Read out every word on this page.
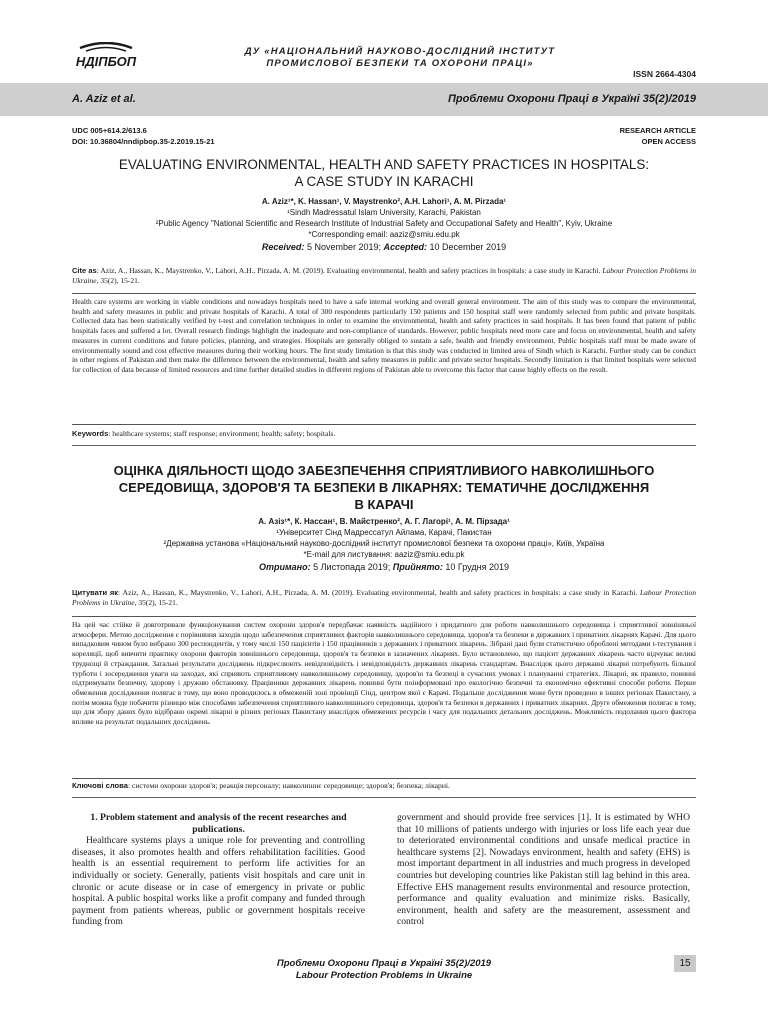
НДІПБОП
ДУ «НАЦІОНАЛЬНИЙ НАУКОВО-ДОСЛІДНИЙ ІНСТИТУТ
ПРОМИСЛОВОЇ БЕЗПЕКИ ТА ОХОРОНИ ПРАЦІ»
ISSN 2664-4304
A. Aziz et al.	Проблеми Охорони Праці в Україні 35(2)/2019
UDC 005+614.2/613.6
DOI: 10.36804/nndipbop.35-2.2019.15-21
RESEARCH ARTICLE
OPEN ACCESS
EVALUATING ENVIRONMENTAL, HEALTH AND SAFETY PRACTICES IN HOSPITALS:
A CASE STUDY IN KARACHI
A. Aziz¹*, K. Hassan¹, V. Maystrenko², A.H. Lahori¹, A. M. Pirzada¹
¹Sindh Madressatul Islam University, Karachi, Pakistan
²Public Agency "National Scientific and Research Institute of Industrial Safety and Occupational Safety and Health", Kyiv, Ukraine
*Corresponding email: aaziz@smiu.edu.pk
Received: 5 November 2019; Accepted: 10 December 2019
Cite as: Aziz, A., Hassan, K., Maystrenko, V., Lahori, A.H., Pirzada, A. M. (2019). Evaluating environmental, health and safety practices in hospitals: a case study in Karachi. Labour Protection Problems in Ukraine, 35(2), 15-21.
Health care systems are working in viable conditions and nowadays hospitals need to have a safe internal working and overall general environment. The aim of this study was to compare the environmental, health and safety measures in public and private hospitals of Karachi. A total of 300 respondents particularly 150 patients and 150 hospital staff were randomly selected from public and private hospitals. Collected data has been statistically verified by t-test and correlation techniques in order to examine the environmental, health and safety practices in said hospitals. It has been found that patient of public hospitals faces and suffered a lot. Overall research findings highlight the inadequate and non-compliance of standards. However, public hospitals need more care and focus on environmental, health and safety measures in current conditions and future policies, planning, and strategies. Hospitals are generally obliged to sustain a safe, health and friendly environment. Public hospitals staff must be made aware of environmentally sound and cost effective measures during their working hours. The first study limitation is that this study was conducted in limited area of Sindh which is Karachi. Further study can be conduct in other regions of Pakistan and then make the difference between the environmental, health and safety measures in public and private sector hospitals. Secondly limitation is that limited hospitals were selected for collection of data because of limited resources and time further detailed studies in different regions of Pakistan able to overcome this factor that cause highly effects on the result.
Keywords: healthcare systems; staff response; environment; health; safety; hospitals.
ОЦІНКА ДІЯЛЬНОСТІ ЩОДО ЗАБЕЗПЕЧЕННЯ СПРИЯТЛИВИОГО НАВКОЛИШНЬОГО
СЕРЕДОВИЩА, ЗДОРОВ'Я ТА БЕЗПЕКИ В ЛІКАРНЯХ: ТЕМАТИЧНЕ ДОСЛІДЖЕННЯ
В КАРАЧІ
А. Азіз¹*, К. Нассан¹, В. Майстренко², А. Г. Лагорі¹, А. М. Пірзада¹
¹Університет Сінд Мадрессатул Айлама, Карачі, Пакистан
²Державна установа «Національний науково-дослідний інститут промислової безпеки та охорони праці», Київ, Україна
*E-mail для листування: aaziz@smiu.edu.pk
Отримано: 5 Листопада 2019; Прийнято: 10 Грудня 2019
Цитувати як: Aziz, A., Hassan, K., Maystrenko, V., Lahori, A.H., Pirzada, A. M. (2019). Evaluating environmental, health and safety practices in hospitals: a case study in Karachi. Labour Protection Problems in Ukraine, 35(2), 15-21.
На цей час стійке й довготривале функціонування систем охорони здоров'я передбачає наявність надійного і придатного для роботи навколишнього середовища і сприятливої зовнішньої атмосфери. Метою дослідження є порівняння заходів щодо забезпечення сприятливих факторів навколишнього середовища, здоров'я та безпеки в державних і приватних лікарнях Карачі. Для цього випадковим чином було вибрано 300 респондентів, у тому числі 150 пацієнтів і 150 працівників з державних і приватних лікарень. Зібрані дані були статистично оброблені методами t-тестування і кореляції, щоб вивчити практику охорони факторів зовнішнього середовища, здоров'я та безпеки в зазначених лікарнях. Було встановлено, що пацієнт державних лікарень часто відчуває великі труднощі й страждання. Загальні результати досліджень підкреслюють невідповідність і невідповідність державних лікарень стандартам. Внаслідок цього державні лікарні потребують більшої турботи і зосередження уваги на заходах, які сприяють сприятливому навколишньому середовищу, здоров'ю та безпеці в сучасних умовах і плануванні стратегіях. Лікарні, як правило, повинні підтримувати безпечну, здорову і дружню обстановку. Працівники державних лікарень повинні бути поінформовані про екологічно безпечні та економічно ефективні способи роботи. Перше обмеження дослідження полягає в тому, що воно проводилось в обмеженій зоні провінції Сінд, центром якої є Карачі. Подальше дослідження може бути проведено в інших регіонах Пакистану, а потім можна буде побачити різницю між способами забезпечення сприятливого навколишнього середовища, здоров'я та безпеки в державних і приватних лікарнях. Друге обмеження полягає в тому, що для збору даних було відібрано окремі лікарні в різних регіонах Пакистану внаслідок обмежених ресурсів і часу для подальших детальних досліджень. Можливість подолання цього фактора впливе на результат подальших досліджень.
Ключові слова: системи охорони здоров'я; реакція персоналу; навколишнє середовище; здоров'я; безпека; лікарні.
1. Problem statement and analysis of the recent researches and publications.

Healthcare systems plays a unique role for preventing and controlling diseases, it also promotes health and offers rehabilitation facilities. Good health is an essential requirement to perform life activities for an individually or society. Generally, patients visit hospitals and care unit in chronic or acute disease or in case of emergency in private or public hospital. A public hospital works like a profit company and funded through payment from patients whereas, public or government hospitals receive funding from

government and should provide free services [1]. It is estimated by WHO that 10 millions of patients undergo with injuries or loss life each year due to deteriorated environmental conditions and unsafe medical practice in healthcare systems [2]. Nowadays environment, health and safety (EHS) is most important department in all industries and much progress in developed countries but developing countries like Pakistan still lag behind in this area. Effective EHS management results environmental and resource protection, performance and quality evaluation and minimize risks. Basically, environment, health and safety are the measurement, assessment and control

Проблеми Охорони Праці в Україні 35(2)/2019
Labour Protection Problems in Ukraine
15
